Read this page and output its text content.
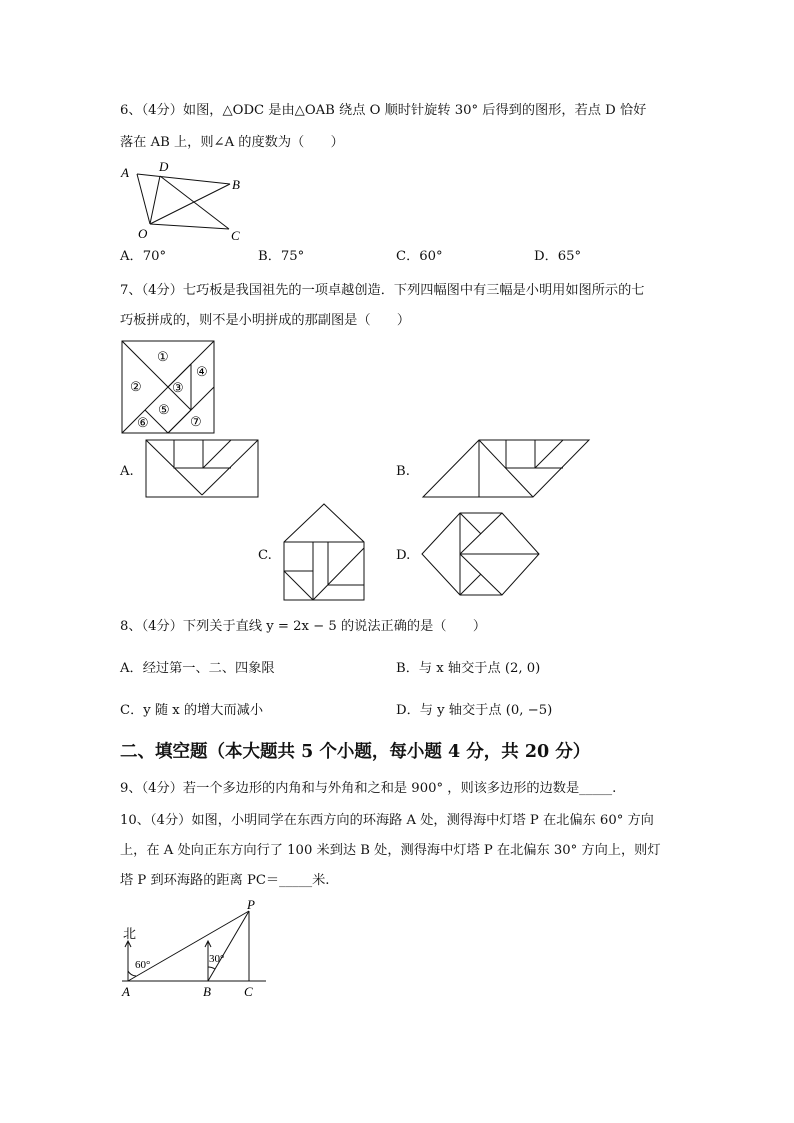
6、（4分）如图，△ODC 是由△OAB 绕点 O 顺时针旋转 30° 后得到的图形，若点 D 恰好
落在 AB 上，则∠A 的度数为（　　）
A D
B
O	C
A．70°	B．75°	C．60°	D．65°
7、（4分）七巧板是我国祖先的一项卓越创造．下列四幅图中有三幅是小明用如图所示的七
巧板拼成的，则不是小明拼成的那副图是（　　）
①
② ③
④
⑤
⑥	⑦
A.	B.
C.	D.
8、（4分）下列关于直线 y = 2x − 5 的说法正确的是（　　）
A．经过第一、二、四象限	B．与 x 轴交于点 (2, 0)
C．y 随 x 的增大而减小	D．与 y 轴交于点 (0, −5)
二、填空题（本大题共 5 个小题，每小题 4 分，共 20 分）
9、（4分）若一个多边形的内角和与外角和之和是 900° ，则该多边形的边数是_____.
10、（4分）如图，小明同学在东西方向的环海路 A 处，测得海中灯塔 P 在北偏东 60° 方向
上，在 A 处向正东方向行了 100 米到达 B 处，测得海中灯塔 P 在北偏东 30° 方向上，则灯
塔 P 到环海路的距离 PC＝_____米.
北
60°	30°
A	B	C
P
